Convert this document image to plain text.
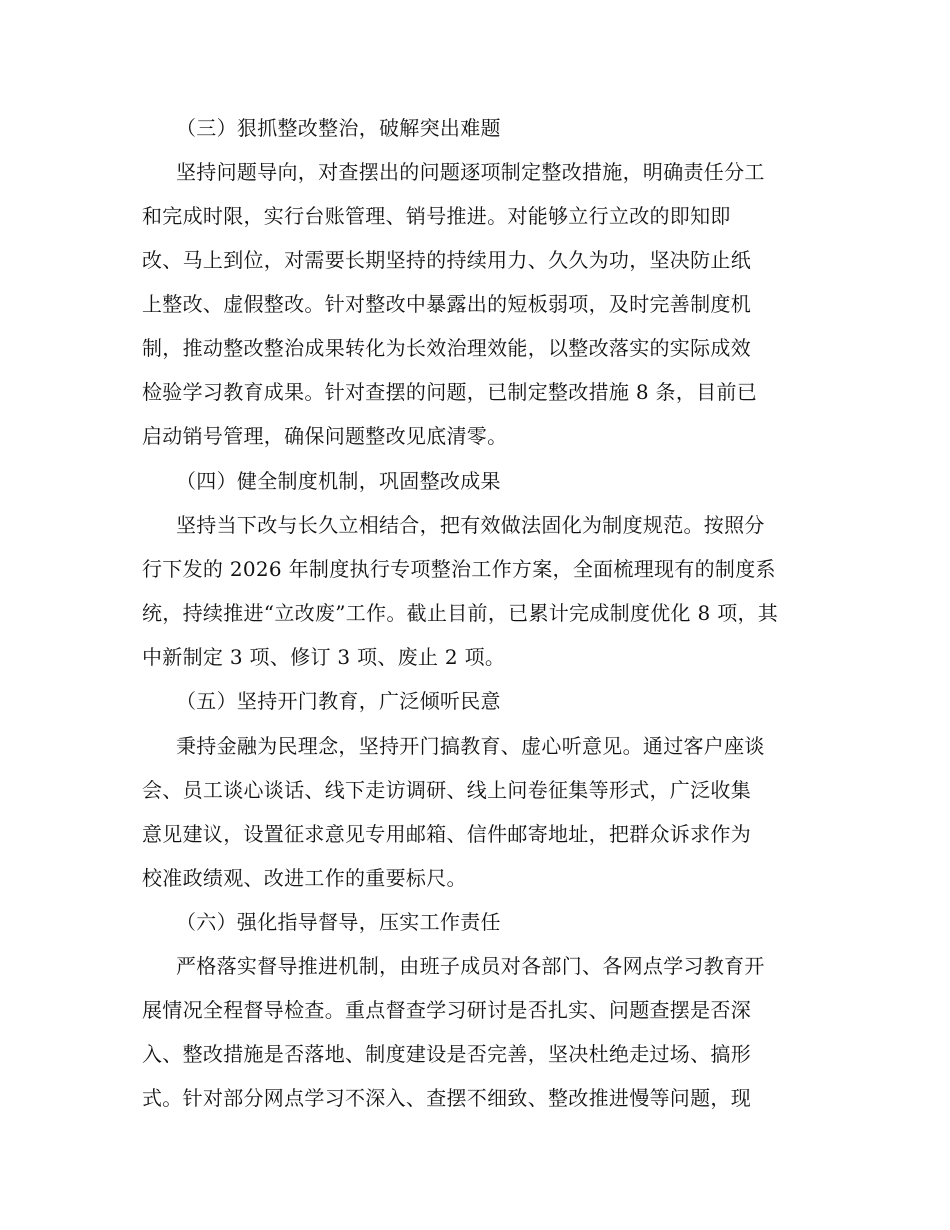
（三）狠抓整改整治，破解突出难题
坚持问题导向，对查摆出的问题逐项制定整改措施，明确责任分工
和完成时限，实行台账管理、销号推进。对能够立行立改的即知即
改、马上到位，对需要长期坚持的持续用力、久久为功，坚决防止纸
上整改、虚假整改。针对整改中暴露出的短板弱项，及时完善制度机
制，推动整改整治成果转化为长效治理效能，以整改落实的实际成效
检验学习教育成果。针对查摆的问题，已制定整改措施 8 条，目前已
启动销号管理，确保问题整改见底清零。
（四）健全制度机制，巩固整改成果
坚持当下改与长久立相结合，把有效做法固化为制度规范。按照分
行下发的 2026 年制度执行专项整治工作方案，全面梳理现有的制度系
统，持续推进“立改废”工作。截止目前，已累计完成制度优化 8 项，其
中新制定 3 项、修订 3 项、废止 2 项。
（五）坚持开门教育，广泛倾听民意
秉持金融为民理念，坚持开门搞教育、虚心听意见。通过客户座谈
会、员工谈心谈话、线下走访调研、线上问卷征集等形式，广泛收集
意见建议，设置征求意见专用邮箱、信件邮寄地址，把群众诉求作为
校准政绩观、改进工作的重要标尺。
（六）强化指导督导，压实工作责任
严格落实督导推进机制，由班子成员对各部门、各网点学习教育开
展情况全程督导检查。重点督查学习研讨是否扎实、问题查摆是否深
入、整改措施是否落地、制度建设是否完善，坚决杜绝走过场、搞形
式。针对部分网点学习不深入、查摆不细致、整改推进慢等问题，现
